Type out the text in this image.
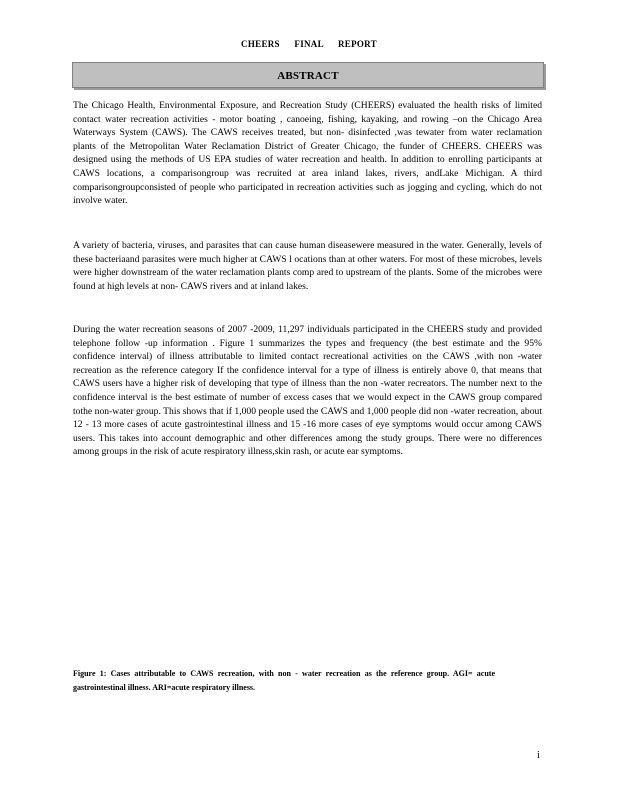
CHEERS FINAL REPORT
ABSTRACT

The Chicago Health, Environmental Exposure, and Recreation Study (CHEERS) evaluated the health risks of limited contact water recreation activities - motor boating , canoeing, fishing, kayaking, and rowing –on the Chicago Area Waterways System (CAWS). The CAWS receives treated, but non- disinfected ,was tewater from water reclamation plants of the Metropolitan Water Reclamation District of Greater Chicago, the funder of CHEERS. CHEERS was designed using the methods of US EPA studies of water recreation and health. In addition to enrolling participants at CAWS locations, a comparisongroup was recruited at area inland lakes, rivers, andLake Michigan. A third comparisongroupconsisted of people who participated in recreation activities such as jogging and cycling, which do not involve water.

A variety of bacteria, viruses, and parasites that can cause human diseasewere measured in the water. Generally, levels of these bacteriaand parasites were much higher at CAWS l ocations than at other waters. For most of these microbes, levels were higher downstream of the water reclamation plants comp ared to upstream of the plants. Some of the microbes were found at high levels at non- CAWS rivers and at inland lakes.

During the water recreation seasons of 2007 -2009, 11,297 individuals participated in the CHEERS study and provided telephone follow -up information . Figure 1 summarizes the types and frequency (the best estimate and the 95% confidence interval) of illness attributable to limited contact recreational activities on the CAWS ,with non -water recreation as the reference category If the confidence interval for a type of illness is entirely above 0, that means that CAWS users have a higher risk of developing that type of illness than the non -water recreators. The number next to the confidence interval is the best estimate of number of excess cases that we would expect in the CAWS group compared tothe non-water group. This shows that if 1,000 people used the CAWS and 1,000 people did non -water recreation, about 12 - 13 more cases of acute gastrointestinal illness and 15 -16 more cases of eye symptoms would occur among CAWS users. This takes into account demographic and other differences among the study groups. There were no differences among groups in the risk of acute respiratory illness,skin rash, or acute ear symptoms.

Figure 1: Cases attributable to CAWS recreation, with non - water recreation as the reference group. AGI= acute gastrointestinal illness. ARI=acute respiratory illness.

i
